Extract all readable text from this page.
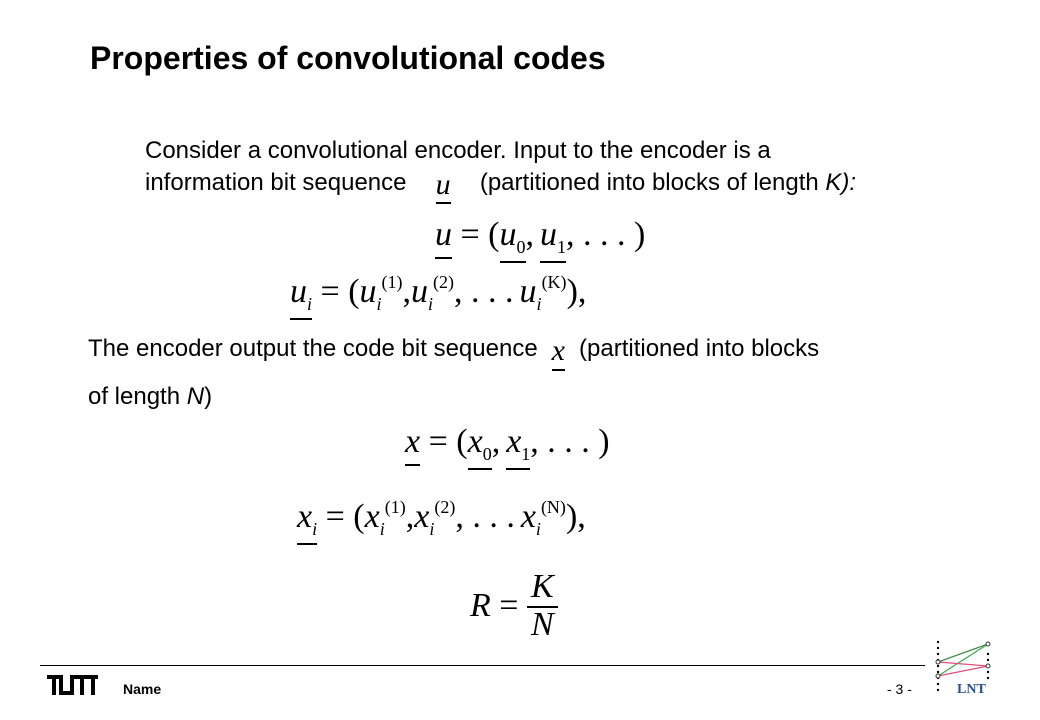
Properties of convolutional codes
Consider a convolutional encoder. Input to the encoder is a
information bit sequence u (partitioned into blocks of length K):
$u = (u_0$, $u_1$, . . . )
$u_i = (u_i^{(1)},u_i^{(2)}$, . . . $u_i^{(K)}$),
The encoder output the code bit sequence x (partitioned into blocks
of length N)
$x = (x_0$, $x_1$, . . . )
$x_i = (x_i^{(1)},x_i^{(2)}$, . . . $x_i^{(N)}$),
$R = \frac{K}{N}$
Name	- 3 -	LNT
